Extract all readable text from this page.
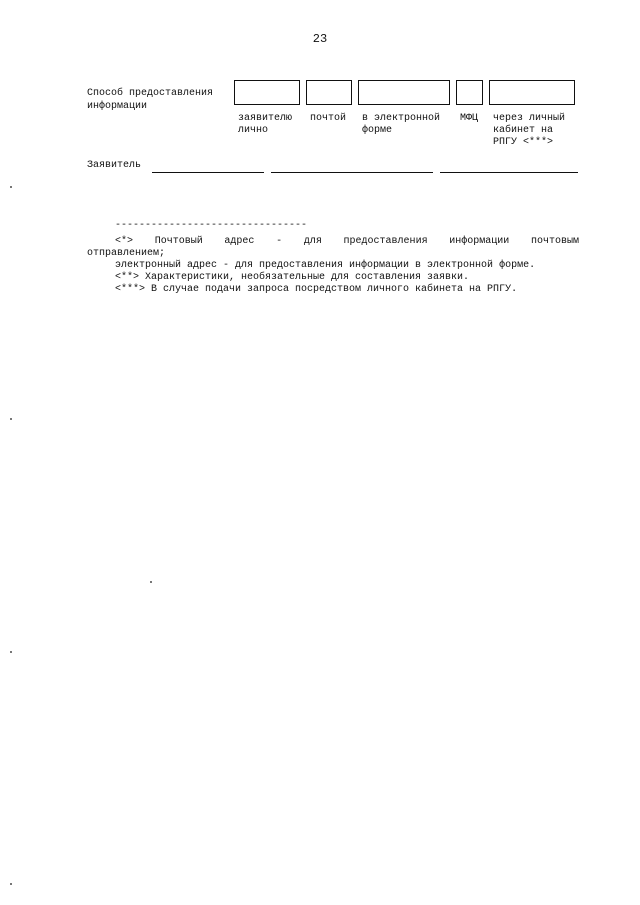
23
Способ предоставления информации
заявителю
лично
почтой	в электронной
форме
МФЦ	через личный
кабинет на
РПГУ <***>
Заявитель
--------------------------------
<*> Почтовый адрес - для предоставления информации почтовым
отправлением;
электронный адрес - для предоставления информации в электронной форме.
<**> Характеристики, необязательные для составления заявки.
<***> В случае подачи запроса посредством личного кабинета на РПГУ.
